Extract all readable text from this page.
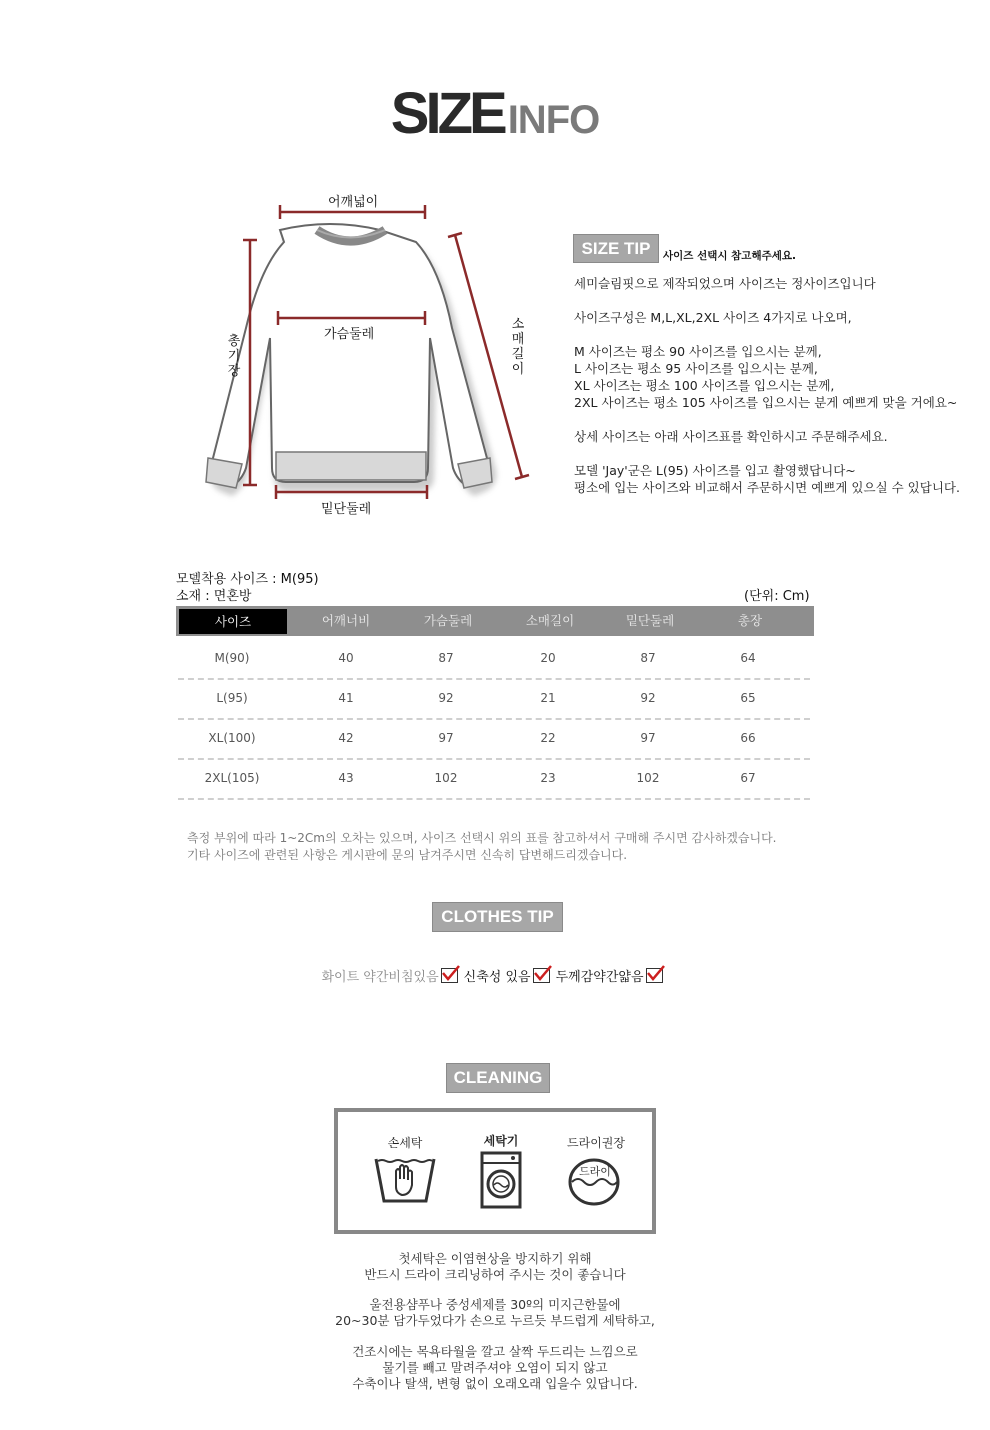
SIZE INFO
어깨넓이
가슴둘레
총기장
소매길이
밑단둘레
SIZE TIP	사이즈 선택시 참고해주세요.

세미슬림핏으로 제작되었으며 사이즈는 정사이즈입니다

사이즈구성은 M,L,XL,2XL 사이즈 4가지로 나오며,

M 사이즈는 평소 90 사이즈를 입으시는 분께,

L 사이즈는 평소 95 사이즈를 입으시는 분께,

XL 사이즈는 평소 100 사이즈를 입으시는 분께,

2XL 사이즈는 평소 105 사이즈를 입으시는 분게 예쁘게 맞을 거에요~

상세 사이즈는 아래 사이즈표를 확인하시고 주문해주세요.

모델 'Jay'군은 L(95) 사이즈를 입고 촬영했답니다~

평소에 입는 사이즈와 비교해서 주문하시면 예쁘게 있으실 수 있답니다.

모델착용 사이즈 : M(95)
소재 : 면혼방	(단위: Cm)
사이즈	어깨너비	가슴둘레	소매길이	밑단둘레	총장
M(90)	40	87	20	87	64
L(95)	41	92	21	92	65
XL(100)	42	97	22	97	66
2XL(105)	43	102	23	102	67
측정 부위에 따라 1~2Cm의 오차는 있으며, 사이즈 선택시 위의 표를 참고하셔서 구매해 주시면 감사하겠습니다.
기타 사이즈에 관련된 사항은 게시판에 문의 남겨주시면 신속히 답변해드리겠습니다.
CLOTHES TIP
화이트 약간비침있음 신축성 있음 두께감약간얇음
CLEANING
손세탁	세탁기	드라이권장
드라이

첫세탁은 이염현상을 방지하기 위해

반드시 드라이 크리닝하여 주시는 것이 좋습니다

울전용샴푸나 중성세제를 30º의 미지근한물에

20~30분 담가두었다가 손으로 누르듯 부드럽게 세탁하고,

건조시에는 목욕타월을 깔고 살짝 두드리는 느낌으로

물기를 빼고 말려주셔야 오염이 되지 않고

수축이나 탈색, 변형 없이 오래오래 입을수 있답니다.
